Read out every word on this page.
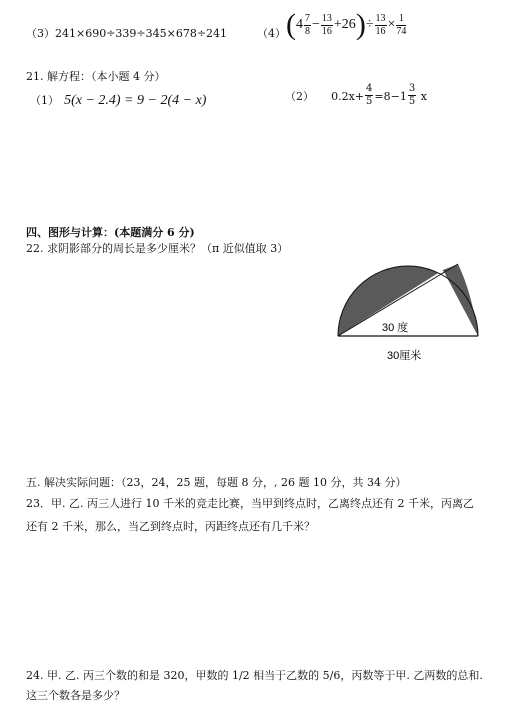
（3）241×690÷339÷345×678÷241	（4） $(4 \frac{7}{8} - \frac{13}{16} +26)\div \frac{13}{16} \times \frac{1}{74}$
21. 解方程：（本小题 4 分）
（1） 5(x − 2.4) = 9 − 2(4 − x)	（2） $0.2x+ \frac{4}{5} =8-1 \frac{3}{5}$ x
四、图形与计算：(本题满分 6 分)
22. 求阴影部分的周长是多少厘米？（π 近似值取 3）
30 度
30厘米
五. 解决实际问题：（23，24，25 题，每题 8 分，, 26 题 10 分，共 34 分）
23．甲. 乙. 丙三人进行 10 千米的竞走比赛，当甲到终点时，乙离终点还有 2 千米，丙离乙
还有 2 千米，那么，当乙到终点时，丙距终点还有几千米？
24. 甲. 乙. 丙三个数的和是 320，甲数的 1/2 相当于乙数的 5/6，丙数等于甲. 乙两数的总和.
这三个数各是多少？
